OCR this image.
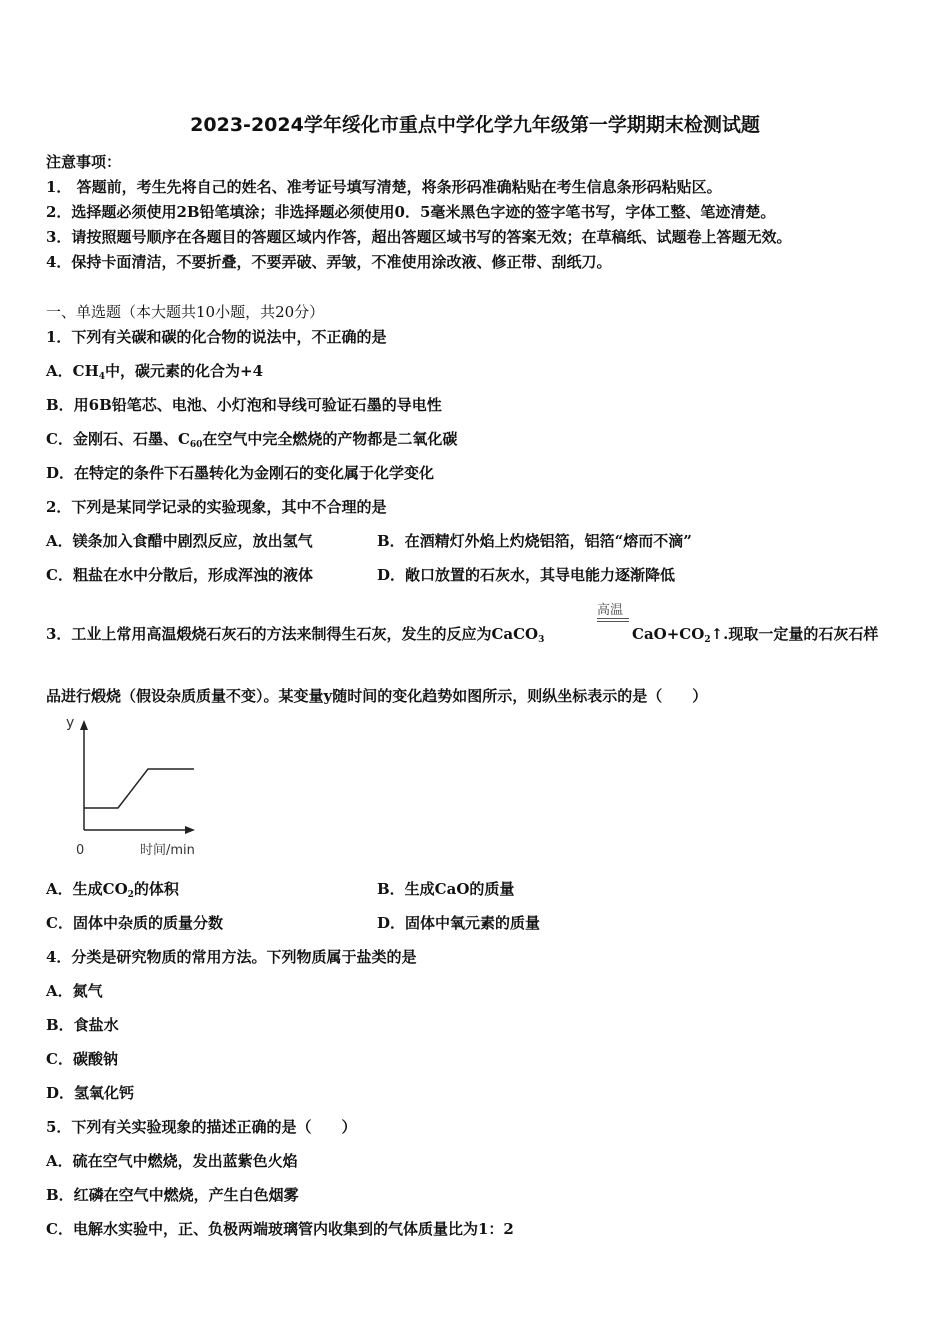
2023-2024学年绥化市重点中学化学九年级第一学期期末检测试题
注意事项：
1． 答题前，考生先将自己的姓名、准考证号填写清楚，将条形码准确粘贴在考生信息条形码粘贴区。
2．选择题必须使用2B铅笔填涂；非选择题必须使用0．5毫米黑色字迹的签字笔书写，字体工整、笔迹清楚。
3．请按照题号顺序在各题目的答题区域内作答，超出答题区域书写的答案无效；在草稿纸、试题卷上答题无效。
4．保持卡面清洁，不要折叠，不要弄破、弄皱，不准使用涂改液、修正带、刮纸刀。
一、单选题（本大题共10小题，共20分）
1．下列有关碳和碳的化合物的说法中，不正确的是
A．$CH_4$中，碳元素的化合为+4
B．用6B铅笔芯、电池、小灯泡和导线可验证石墨的导电性
C．金刚石、石墨、$C_{60}$在空气中完全燃烧的产物都是二氧化碳
D．在特定的条件下石墨转化为金刚石的变化属于化学变化
2．下列是某同学记录的实验现象，其中不合理的是
A．镁条加入食醋中剧烈反应，放出氢气	B．在酒精灯外焰上灼烧铝箔，铝箔“熔而不滴”
C．粗盐在水中分散后，形成浑浊的液体	D．敞口放置的石灰水，其导电能力逐渐降低
高温
3．工业上常用高温煅烧石灰石的方法来制得生石灰，发生的反应为CaCO$_3$	$CaO+CO_2↑$.现取一定量的石灰石样
品进行煅烧（假设杂质质量不变）。某变量y随时间的变化趋势如图所示，则纵坐标表示的是（　　）
y
0	时间/min
A．生成$CO_2$的体积	B．生成CaO的质量
C．固体中杂质的质量分数	D．固体中氧元素的质量
4．分类是研究物质的常用方法。下列物质属于盐类的是
A．氮气
B．食盐水
C．碳酸钠
D．氢氧化钙
5．下列有关实验现象的描述正确的是（　　）
A．硫在空气中燃烧，发出蓝紫色火焰
B．红磷在空气中燃烧，产生白色烟雾
C．电解水实验中，正、负极两端玻璃管内收集到的气体质量比为1：2
